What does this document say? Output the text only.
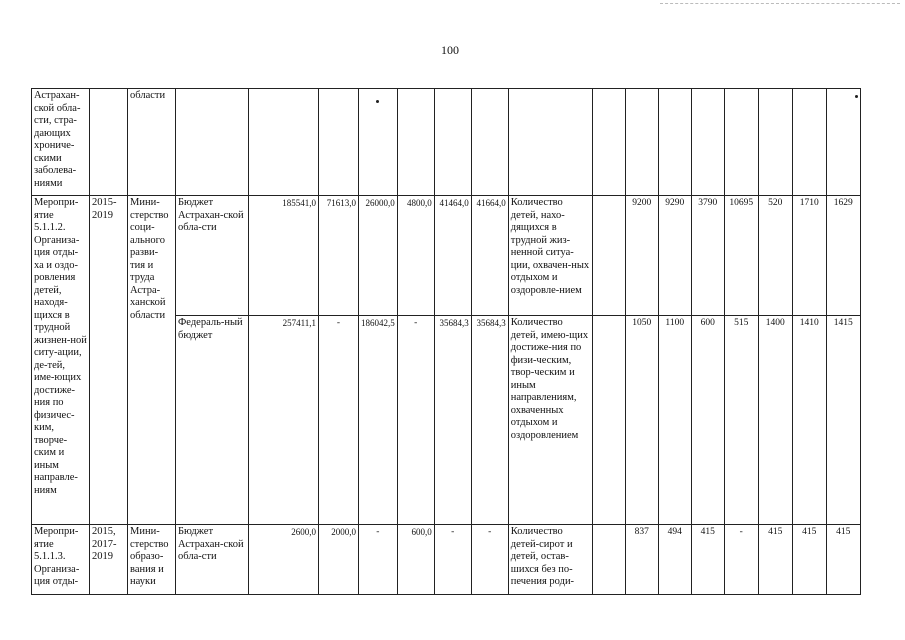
100
Астрахан-ской обла-сти, стра-дающих хрониче-скими заболева-ниями		области																
Меропри-ятие 5.1.1.2. Организа-ция отды-ха и оздо-ровления детей, находя-щихся в трудной жизнен-ной ситу-ации, де-тей, име-ющих достиже-ния по физичес-ким, творче-ским и иным направле-ниям	2015-2019	Мини-стерство соци-ального разви-тия и труда Астра-ханской области	Бюджет Астрахан-ской обла-сти	185541,0	71613,0	26000,0	4800,0	41464,0	41664,0	Количество детей, нахо-дящихся в трудной жиз-ненной ситуа-ции, охвачен-ных отдыхом и оздоровле-нием		9200	9290	3790	10695	520	1710	1629
			Федераль-ный бюджет	257411,1	-	186042,5	-	35684,3	35684,3	Количество детей, имею-щих достиже-ния по физи-ческим, твор-ческим и иным направлениям, охваченных отдыхом и оздоровлением		1050	1100	600	515	1400	1410	1415
Меропри-ятие 5.1.1.3. Организа-ция отды-	2015, 2017-2019	Мини-стерство образо-вания и науки	Бюджет Астрахан-ской обла-сти	2600,0	2000,0	-	600,0	-	-	Количество детей-сирот и детей, остав-шихся без по-печения роди-		837	494	415	-	415	415	415
